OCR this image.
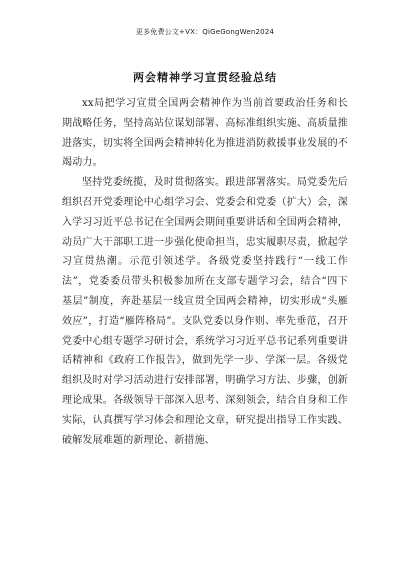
更多免费公文+VX：QiGeGongWen2024
两会精神学习宣贯经验总结

xx局把学习宣贯全国两会精神作为当前首要政治任务和长期战略任务，坚持高站位谋划部署、高标准组织实施、高质量推进落实，切实将全国两会精神转化为推进消防救援事业发展的不竭动力。

坚持党委统揽，及时贯彻落实。跟进部署落实。局党委先后组织召开党委理论中心组学习会、党委会和党委（扩大）会，深入学习习近平总书记在全国两会期间重要讲话和全国两会精神，动员广大干部职工进一步强化使命担当，忠实履职尽责，掀起学习宣贯热潮。示范引领述学。各级党委坚持践行“一线工作法”，党委委员带头积极参加所在支部专题学习会，结合“四下基层”制度，奔赴基层一线宣贯全国两会精神，切实形成“头雁效应”，打造“雁阵格局”。支队党委以身作则、率先垂范，召开党委中心组专题学习研讨会，系统学习习近平总书记系列重要讲话精神和《政府工作报告》，做到先学一步、学深一层。各级党组织及时对学习活动进行安排部署，明确学习方法、步骤，创新理论成果。各级领导干部深入思考、深刻领会，结合自身和工作实际，认真撰写学习体会和理论文章，研究提出指导工作实践、破解发展难题的新理论、新措施、
